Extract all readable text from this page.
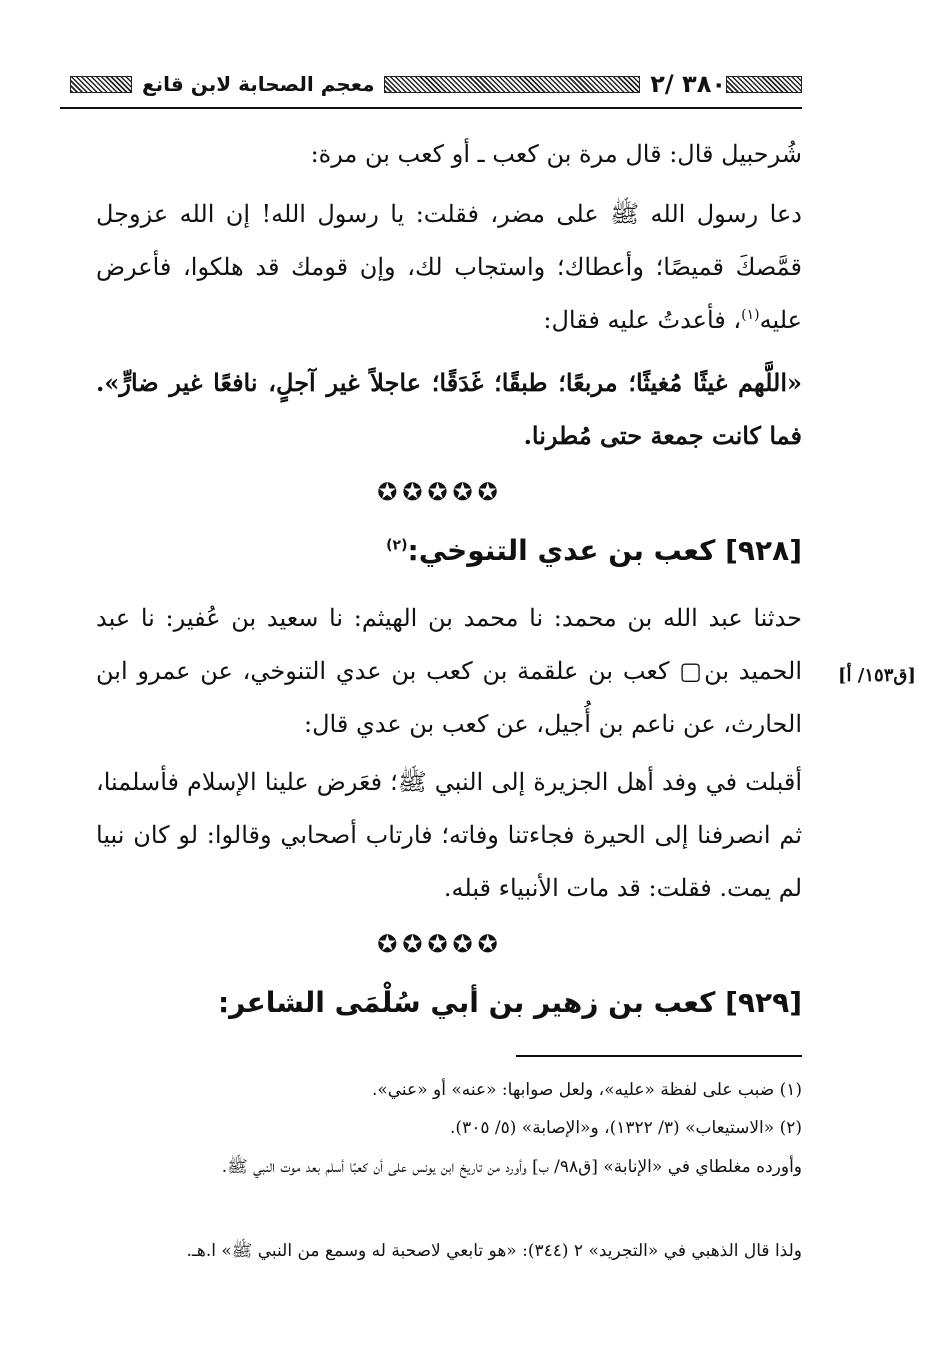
٣٨٠ /٢
معجم الصحابة لابن قانع
شُرحبيل قال: قال مرة بن كعب ـ أو كعب بن مرة:
دعا رسول الله ﷺ على مضر، فقلت: يا رسول الله! إن الله عزوجل قمَّصكَ قميصًا؛ وأعطاك؛ واستجاب لك، وإن قومك قد هلكوا، فأعرض عليه$^{(١)}$، فأعدتُ عليه فقال:
«اللَّهم غيثًا مُغيثًا؛ مربعًا؛ طبقًا؛ غَدَقًا؛ عاجلاً غير آجلٍ، نافعًا غير ضارٍّ». فما كانت جمعة حتى مُطرنا.
✪✪✪✪✪
[٩٢٨] كعب بن عدي التنوخي:$^{(٢)}$
حدثنا عبد الله بن محمد: نا محمد بن الهيثم: نا سعيد بن عُفير: نا عبد الحميد بن▢ كعب بن علقمة بن كعب بن عدي التنوخي، عن عمرو ابن الحارث، عن ناعم بن أُجيل، عن كعب بن عدي قال:
[ق١٥٣/ أ]
أقبلت في وفد أهل الجزيرة إلى النبي ﷺ؛ فعَرض علينا الإسلام فأسلمنا، ثم انصرفنا إلى الحيرة فجاءتنا وفاته؛ فارتاب أصحابي وقالوا: لو كان نبيا لم يمت. فقلت: قد مات الأنبياء قبله.
✪✪✪✪✪
[٩٢٩] كعب بن زهير بن أبي سُلْمَى الشاعر:
(١) ضبب على لفظة «عليه»، ولعل صوابها: «عنه» أو «عني».
(٢) «الاستيعاب» (٣/ ١٣٢٢)، و«الإصابة» (٥/ ٣٠٥).
وأورده مغلطاي في «الإنابة» [ق٩٨/ ب] وأورد من تاريخ ابن يونس على أن كعبًا أسلم بعد موت النبي ﷺ.
ولذا قال الذهبي في «التجريد» ٢ (٣٤٤): «هو تابعي لاصحبة له وسمع من النبي ﷺ» ا.هـ.
